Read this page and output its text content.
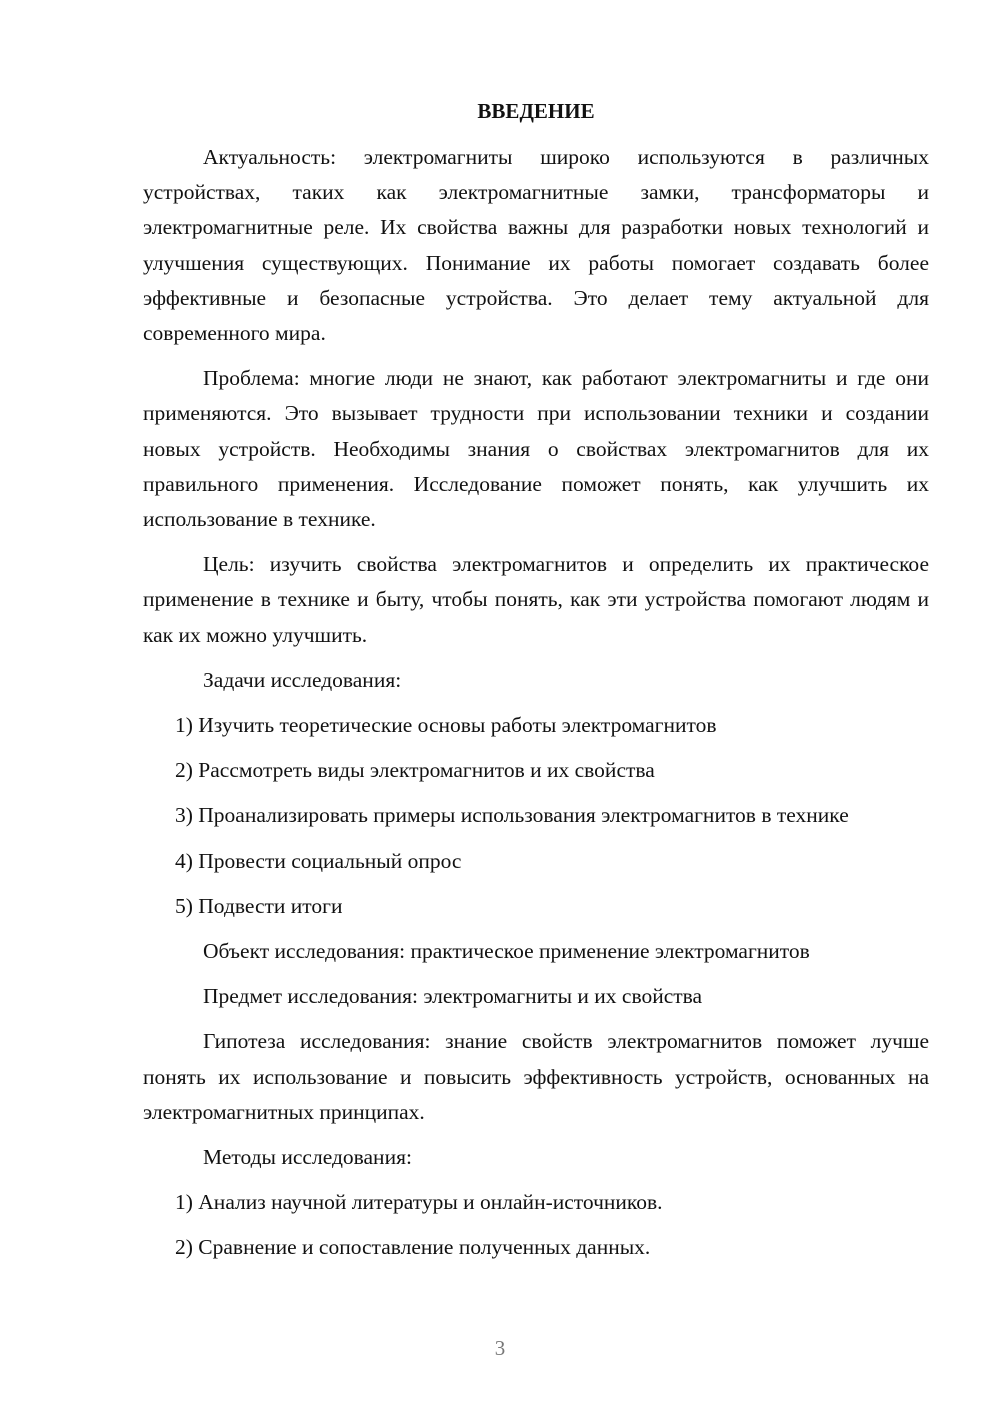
ВВЕДЕНИЕ

Актуальность: электромагниты широко используются в различных устройствах, таких как электромагнитные замки, трансформаторы и электромагнитные реле. Их свойства важны для разработки новых технологий и улучшения существующих. Понимание их работы помогает создавать более эффективные и безопасные устройства. Это делает тему актуальной для современного мира.

Проблема: многие люди не знают, как работают электромагниты и где они применяются. Это вызывает трудности при использовании техники и создании новых устройств. Необходимы знания о свойствах электромагнитов для их правильного применения. Исследование поможет понять, как улучшить их использование в технике.

Цель: изучить свойства электромагнитов и определить их практическое применение в технике и быту, чтобы понять, как эти устройства помогают людям и как их можно улучшить.

Задачи исследования:

1) Изучить теоретические основы работы электромагнитов

2) Рассмотреть виды электромагнитов и их свойства

3) Проанализировать примеры использования электромагнитов в технике

4) Провести социальный опрос

5) Подвести итоги

Объект исследования: практическое применение электромагнитов

Предмет исследования: электромагниты и их свойства

Гипотеза исследования: знание свойств электромагнитов поможет лучше понять их использование и повысить эффективность устройств, основанных на электромагнитных принципах.

Методы исследования:

1) Анализ научной литературы и онлайн-источников.

2) Сравнение и сопоставление полученных данных.

3
